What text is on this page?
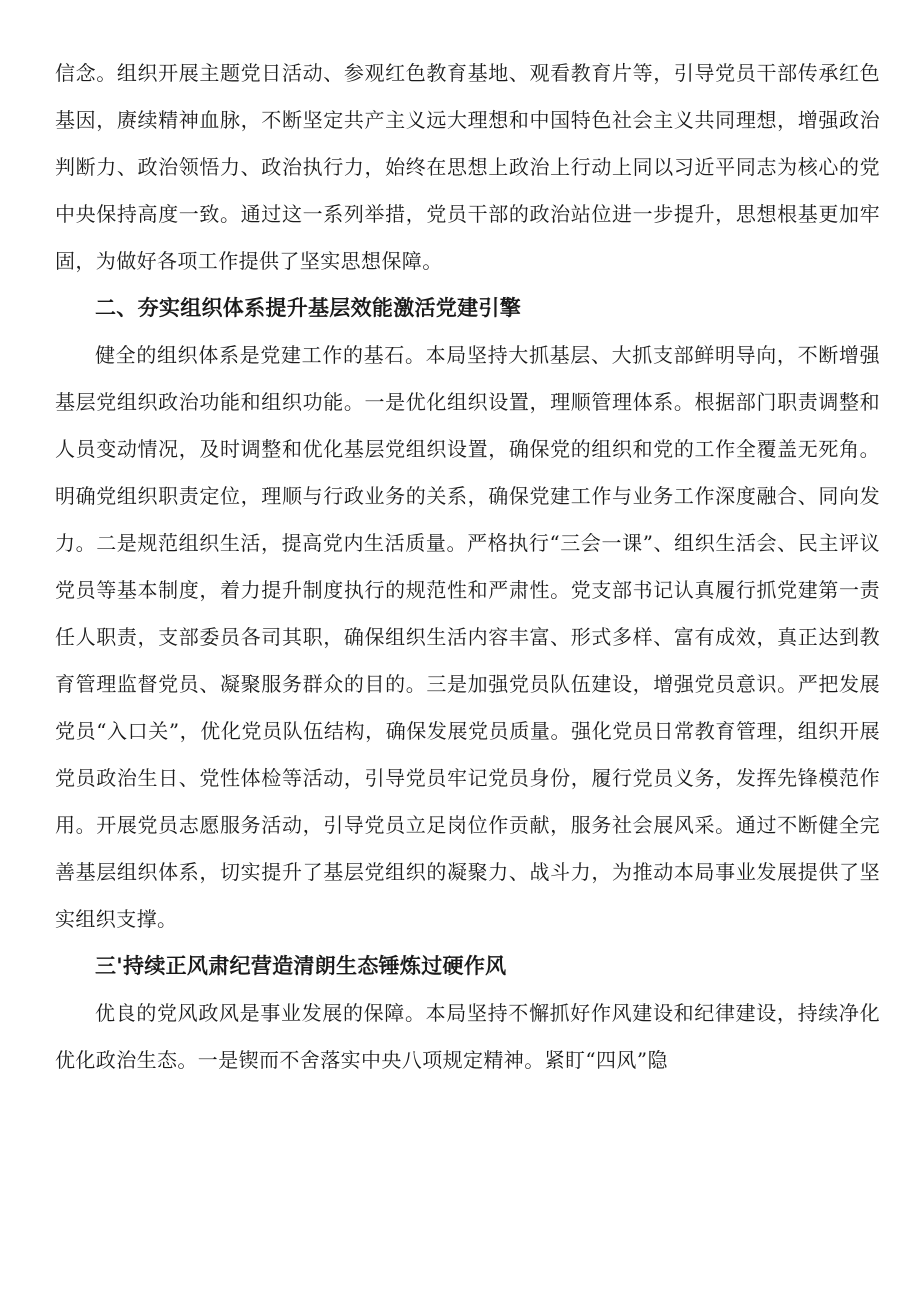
信念。组织开展主题党日活动、参观红色教育基地、观看教育片等，引导党员干部传承红色基因，赓续精神血脉，不断坚定共产主义远大理想和中国特色社会主义共同理想，增强政治判断力、政治领悟力、政治执行力，始终在思想上政治上行动上同以习近平同志为核心的党中央保持高度一致。通过这一系列举措，党员干部的政治站位进一步提升，思想根基更加牢固，为做好各项工作提供了坚实思想保障。

二、夯实组织体系提升基层效能激活党建引擎

健全的组织体系是党建工作的基石。本局坚持大抓基层、大抓支部鲜明导向，不断增强基层党组织政治功能和组织功能。一是优化组织设置，理顺管理体系。根据部门职责调整和人员变动情况，及时调整和优化基层党组织设置，确保党的组织和党的工作全覆盖无死角。明确党组织职责定位，理顺与行政业务的关系，确保党建工作与业务工作深度融合、同向发力。二是规范组织生活，提高党内生活质量。严格执行“三会一课”、组织生活会、民主评议党员等基本制度，着力提升制度执行的规范性和严肃性。党支部书记认真履行抓党建第一责任人职责，支部委员各司其职，确保组织生活内容丰富、形式多样、富有成效，真正达到教育管理监督党员、凝聚服务群众的目的。三是加强党员队伍建设，增强党员意识。严把发展党员“入口关”，优化党员队伍结构，确保发展党员质量。强化党员日常教育管理，组织开展党员政治生日、党性体检等活动，引导党员牢记党员身份，履行党员义务，发挥先锋模范作用。开展党员志愿服务活动，引导党员立足岗位作贡献，服务社会展风采。通过不断健全完善基层组织体系，切实提升了基层党组织的凝聚力、战斗力，为推动本局事业发展提供了坚实组织支撑。

三'持续正风肃纪营造清朗生态锤炼过硬作风

优良的党风政风是事业发展的保障。本局坚持不懈抓好作风建设和纪律建设，持续净化优化政治生态。一是锲而不舍落实中央八项规定精神。紧盯“四风”隐
